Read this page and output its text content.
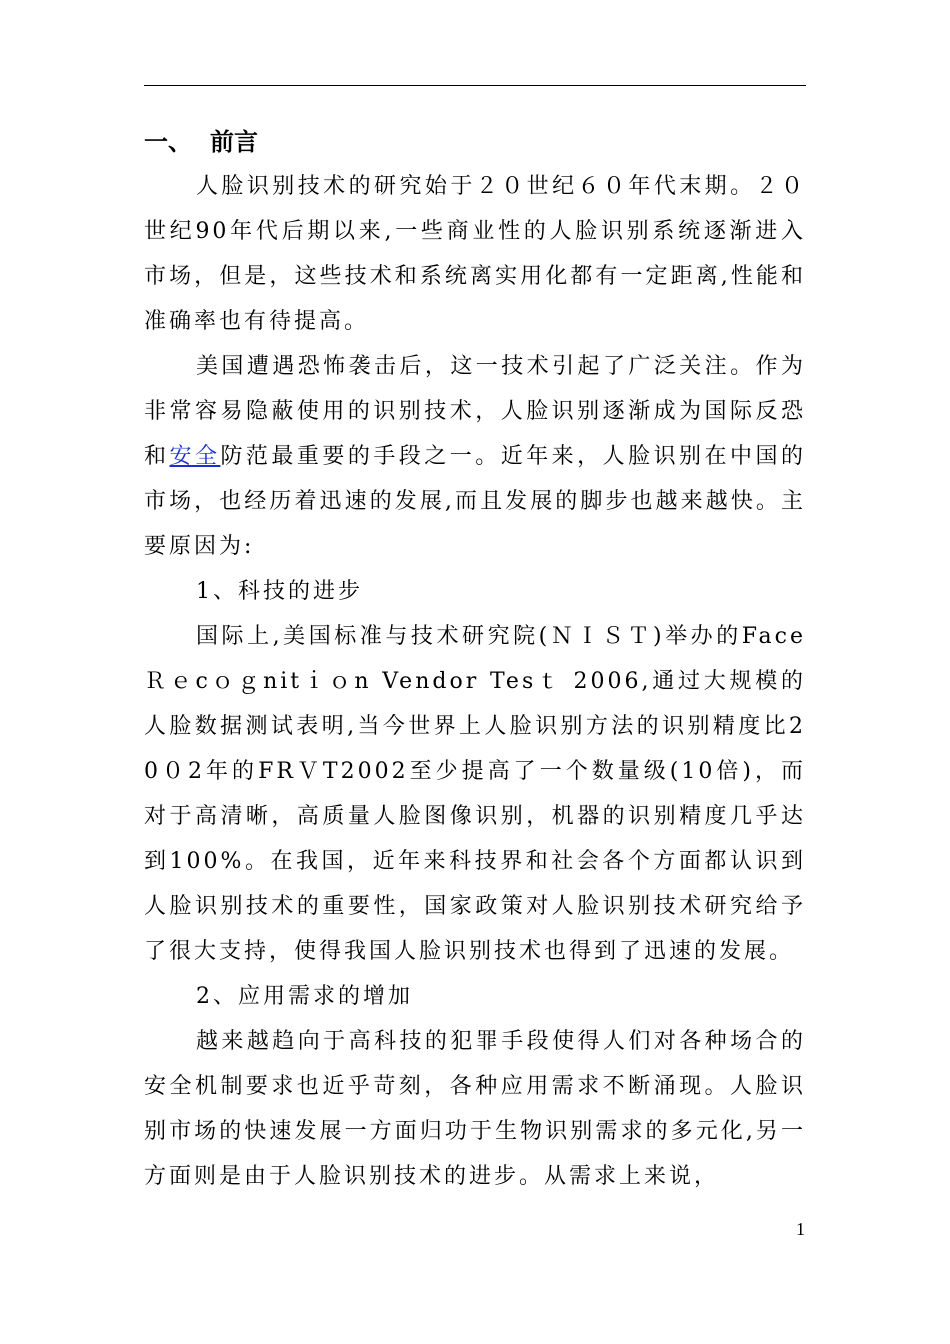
一、 前言

人脸识别技术的研究始于２０世纪６０年代末期。２０世纪90年代后期以来,一些商业性的人脸识别系统逐渐进入市场，但是，这些技术和系统离实用化都有一定距离,性能和准确率也有待提高。

美国遭遇恐怖袭击后，这一技术引起了广泛关注。作为非常容易隐蔽使用的识别技术，人脸识别逐渐成为国际反恐和安全防范最重要的手段之一。近年来，人脸识别在中国的市场，也经历着迅速的发展,而且发展的脚步也越来越快。主要原因为:

1、科技的进步

国际上,美国标准与技术研究院(ＮＩＳＴ)举办的Face Ｒｅcｏｇnitｉｏn Vendor Tesｔ 2006,通过大规模的人脸数据测试表明,当今世界上人脸识别方法的识别精度比20０2年的FRＶT2002至少提高了一个数量级(10倍)，而对于高清晰，高质量人脸图像识别，机器的识别精度几乎达到100%。在我国，近年来科技界和社会各个方面都认识到人脸识别技术的重要性，国家政策对人脸识别技术研究给予了很大支持，使得我国人脸识别技术也得到了迅速的发展。

2、应用需求的增加

越来越趋向于高科技的犯罪手段使得人们对各种场合的安全机制要求也近乎苛刻，各种应用需求不断涌现。人脸识别市场的快速发展一方面归功于生物识别需求的多元化,另一方面则是由于人脸识别技术的进步。从需求上来说，

1
